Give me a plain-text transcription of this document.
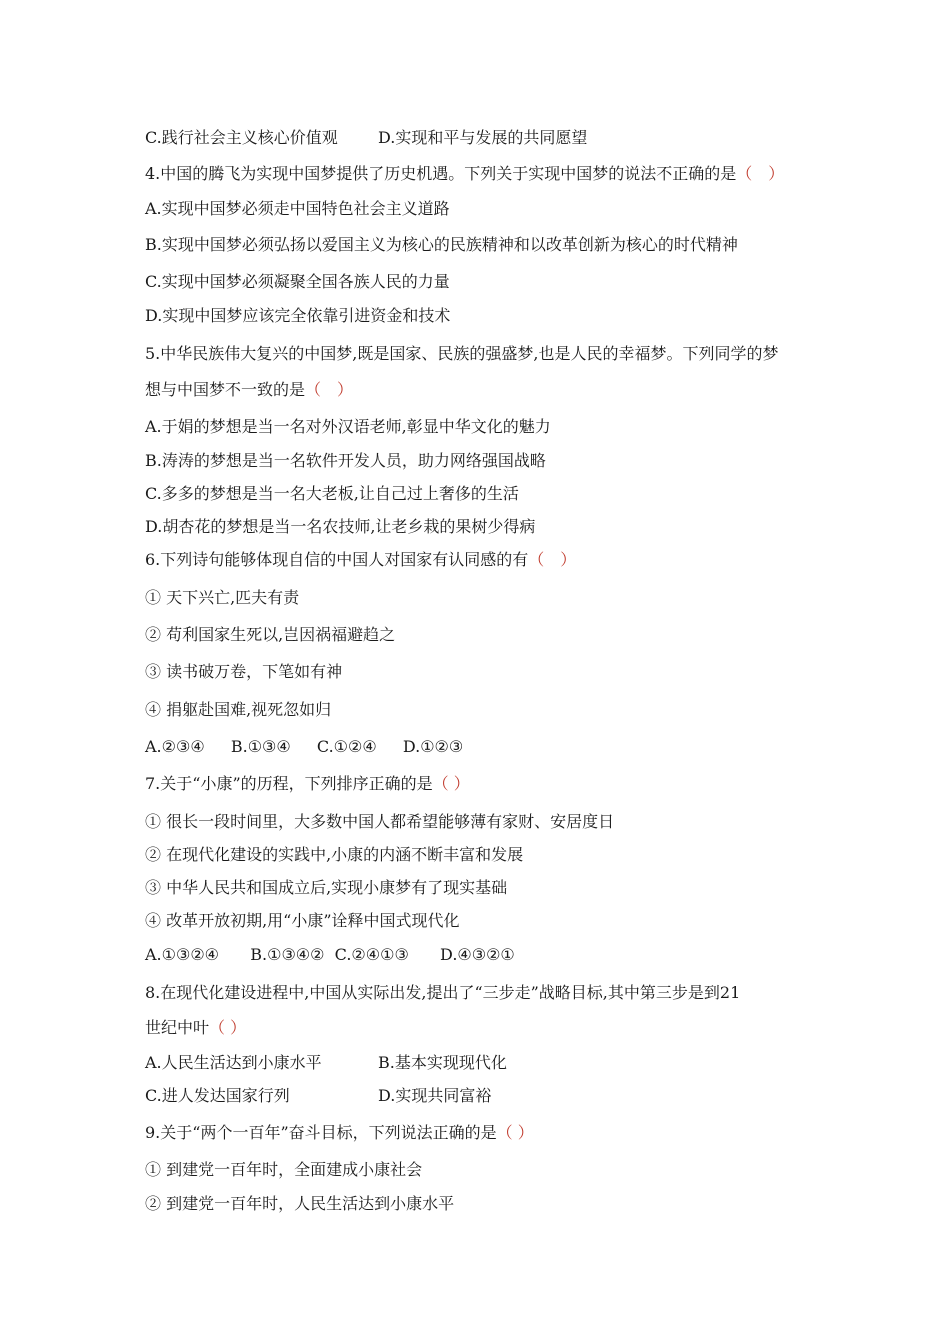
C.践行社会主义核心价值观	D.实现和平与发展的共同愿望
4.中国的腾飞为实现中国梦提供了历史机遇。下列关于实现中国梦的说法不正确的是（　）
A.实现中国梦必须走中国特色社会主义道路
B.实现中国梦必须弘扬以爱国主义为核心的民族精神和以改革创新为核心的时代精神
C.实现中国梦必须凝聚全国各族人民的力量
D.实现中国梦应该完全依靠引进资金和技术
5.中华民族伟大复兴的中国梦,既是国家、民族的强盛梦,也是人民的幸福梦。下列同学的梦
想与中国梦不一致的是（　）
A.于娟的梦想是当一名对外汉语老师,彰显中华文化的魅力
B.涛涛的梦想是当一名软件开发人员，助力网络强国战略
C.多多的梦想是当一名大老板,让自己过上奢侈的生活
D.胡杏花的梦想是当一名农技师,让老乡栽的果树少得病
6.下列诗句能够体现自信的中国人对国家有认同感的有（　）
① 天下兴亡,匹夫有责
② 苟利国家生死以,岂因祸福避趋之
③ 读书破万卷，下笔如有神
④ 捐躯赴国难,视死忽如归
A.②③④　  B.①③④　  C.①②④　  D.①②③
7.关于“小康”的历程，下列排序正确的是（ ）
① 很长一段时间里，大多数中国人都希望能够薄有家财、安居度日
② 在现代化建设的实践中,小康的内涵不断丰富和发展
③ 中华人民共和国成立后,实现小康梦有了现实基础
④ 改革开放初期,用“小康”诠释中国式现代化
A.①③②④　   B.①③④②  C.②④①③　   D.④③②①
8.在现代化建设进程中,中国从实际出发,提出了“三步走”战略目标,其中第三步是到21
世纪中叶（ ）
A.人民生活达到小康水平	B.基本实现现代化
C.进人发达国家行列	D.实现共同富裕
9.关于“两个一百年”奋斗目标，下列说法正确的是（ ）
① 到建党一百年时，全面建成小康社会
② 到建党一百年时，人民生活达到小康水平
